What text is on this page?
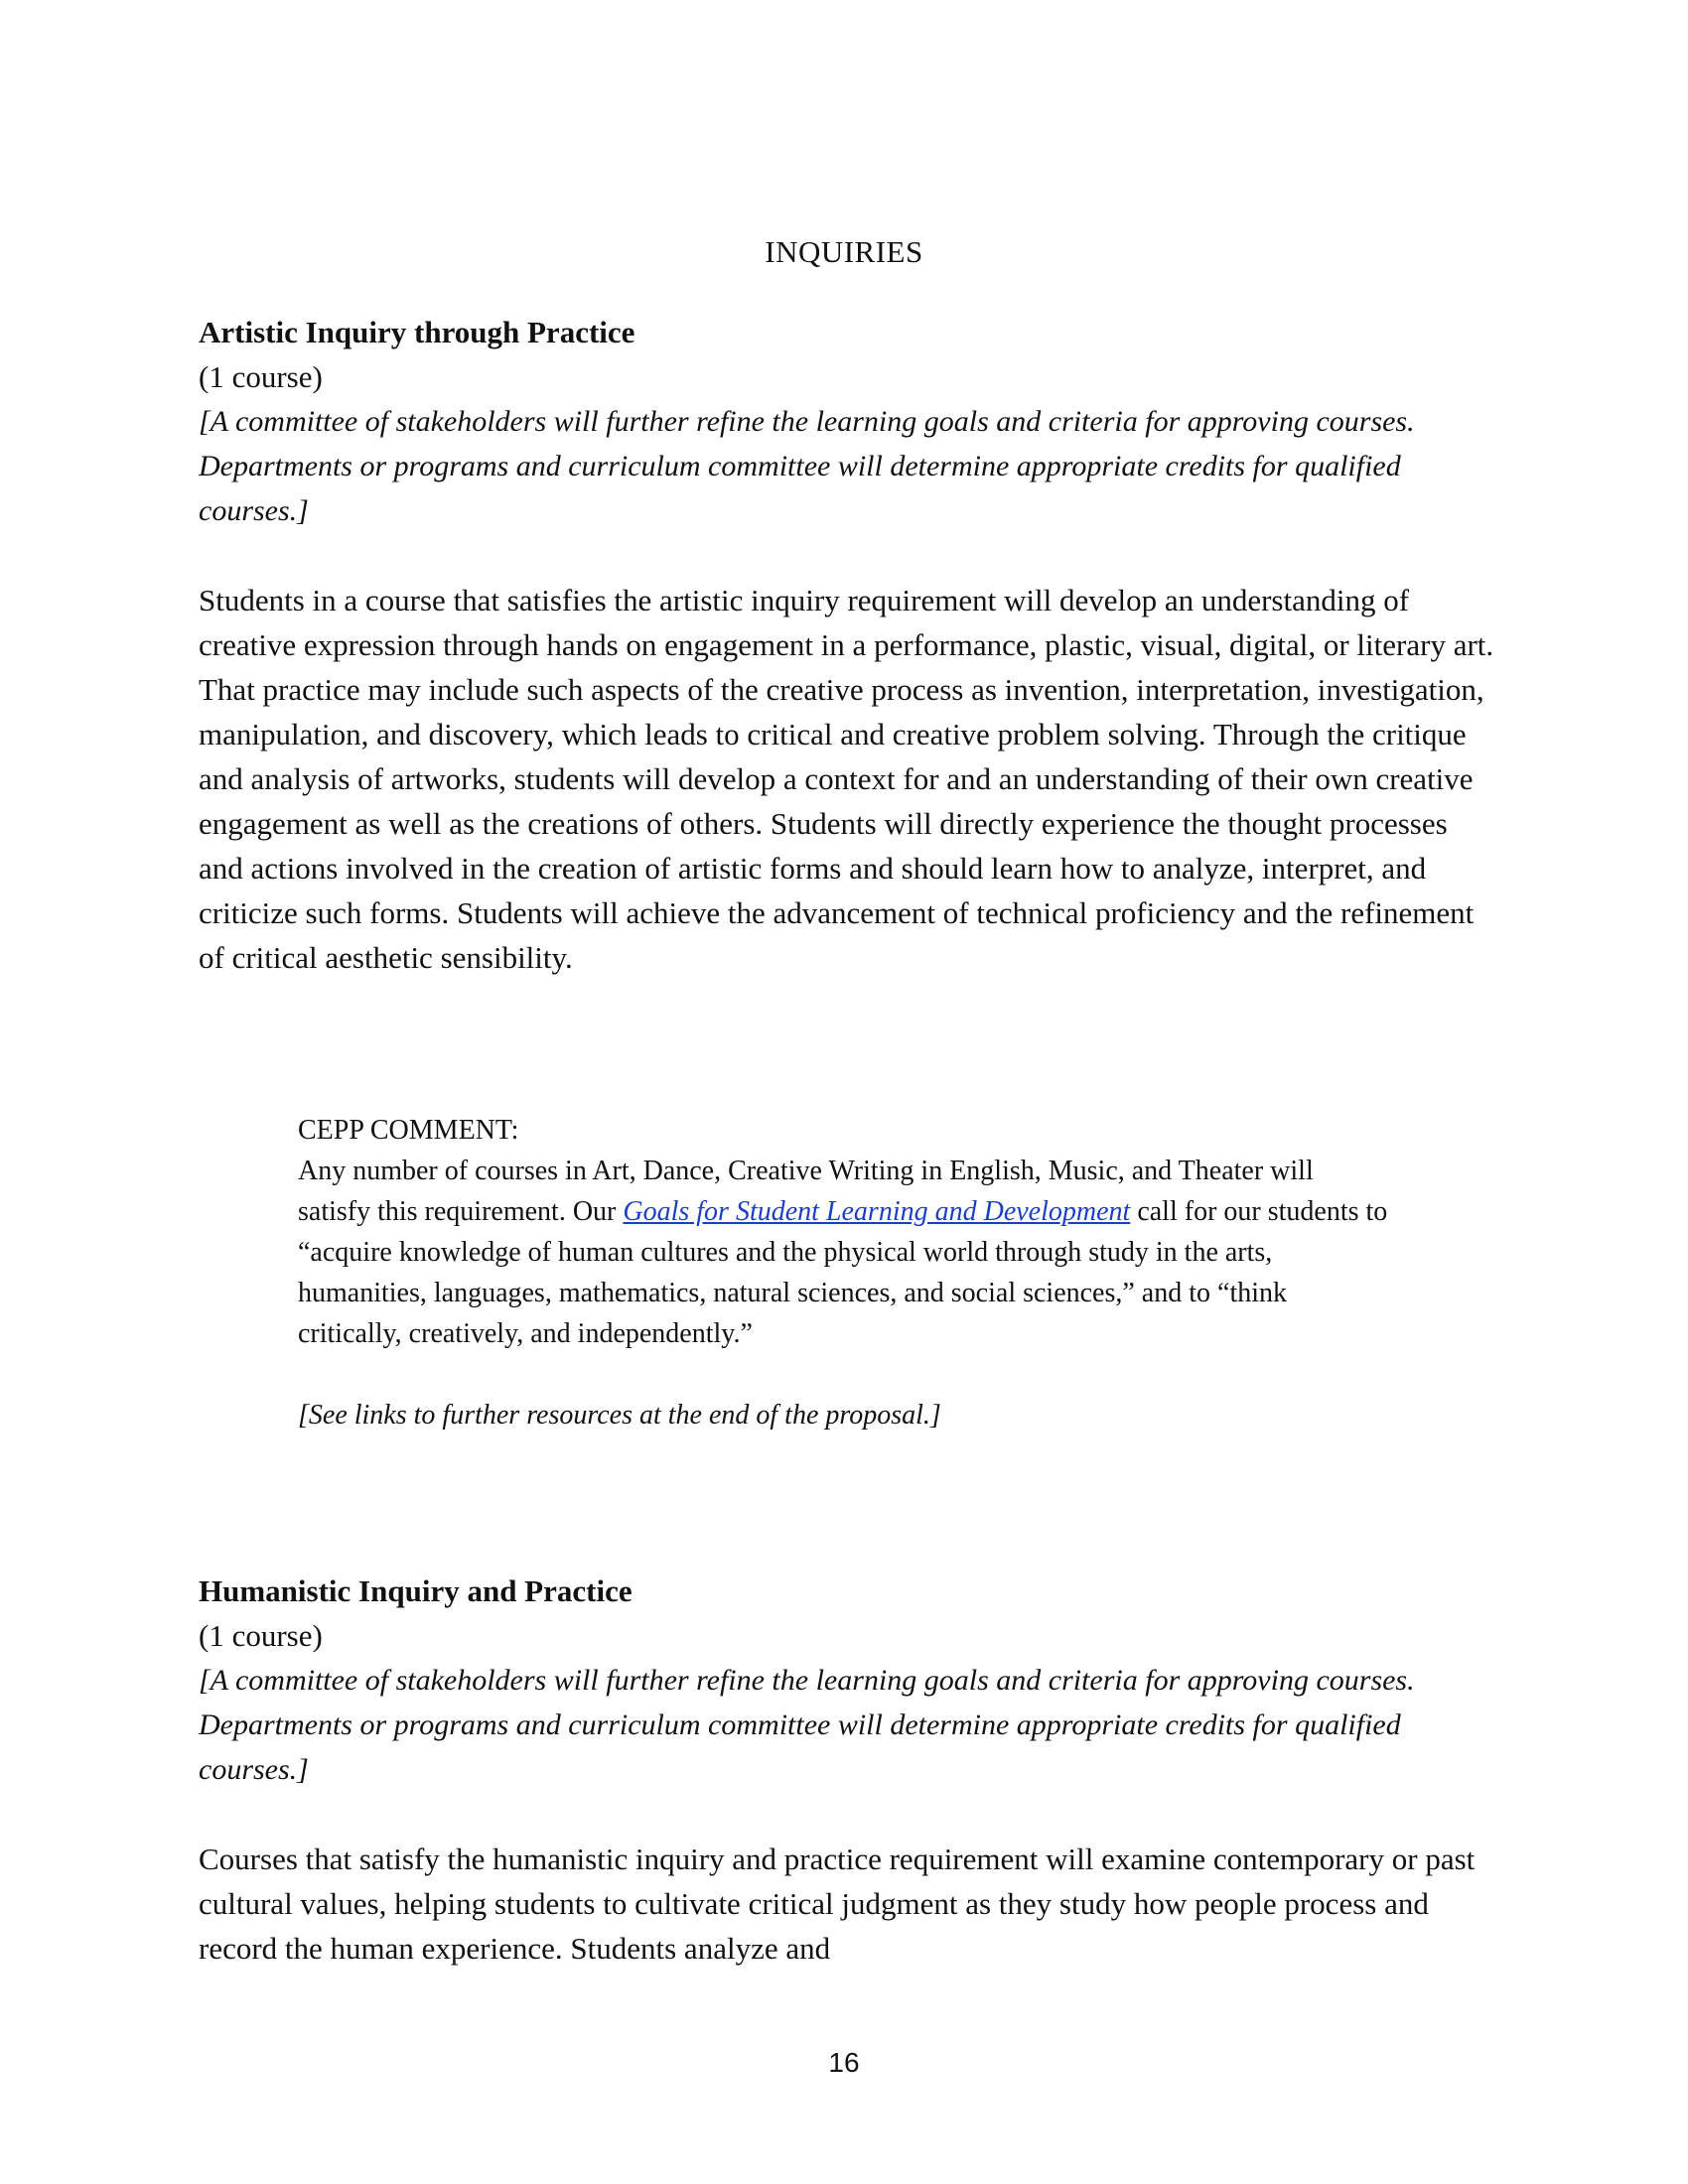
INQUIRIES
Artistic Inquiry through Practice
(1 course)
[A committee of stakeholders will further refine the learning goals and criteria for approving courses. Departments or programs and curriculum committee will determine appropriate credits for qualified courses.]
Students in a course that satisfies the artistic inquiry requirement will develop an understanding of creative expression through hands on engagement in a performance, plastic, visual, digital, or literary art. That practice may include such aspects of the creative process as invention, interpretation, investigation, manipulation, and discovery, which leads to critical and creative problem solving. Through the critique and analysis of artworks, students will develop a context for and an understanding of their own creative engagement as well as the creations of others. Students will directly experience the thought processes and actions involved in the creation of artistic forms and should learn how to analyze, interpret, and criticize such forms. Students will achieve the advancement of technical proficiency and the refinement of critical aesthetic sensibility.
CEPP COMMENT:
Any number of courses in Art, Dance, Creative Writing in English, Music, and Theater will satisfy this requirement. Our Goals for Student Learning and Development call for our students to “acquire knowledge of human cultures and the physical world through study in the arts, humanities, languages, mathematics, natural sciences, and social sciences,” and to “think critically, creatively, and independently.”
[See links to further resources at the end of the proposal.]
Humanistic Inquiry and Practice
(1 course)
[A committee of stakeholders will further refine the learning goals and criteria for approving courses. Departments or programs and curriculum committee will determine appropriate credits for qualified courses.]
Courses that satisfy the humanistic inquiry and practice requirement will examine contemporary or past cultural values, helping students to cultivate critical judgment as they study how people process and record the human experience. Students analyze and
16
